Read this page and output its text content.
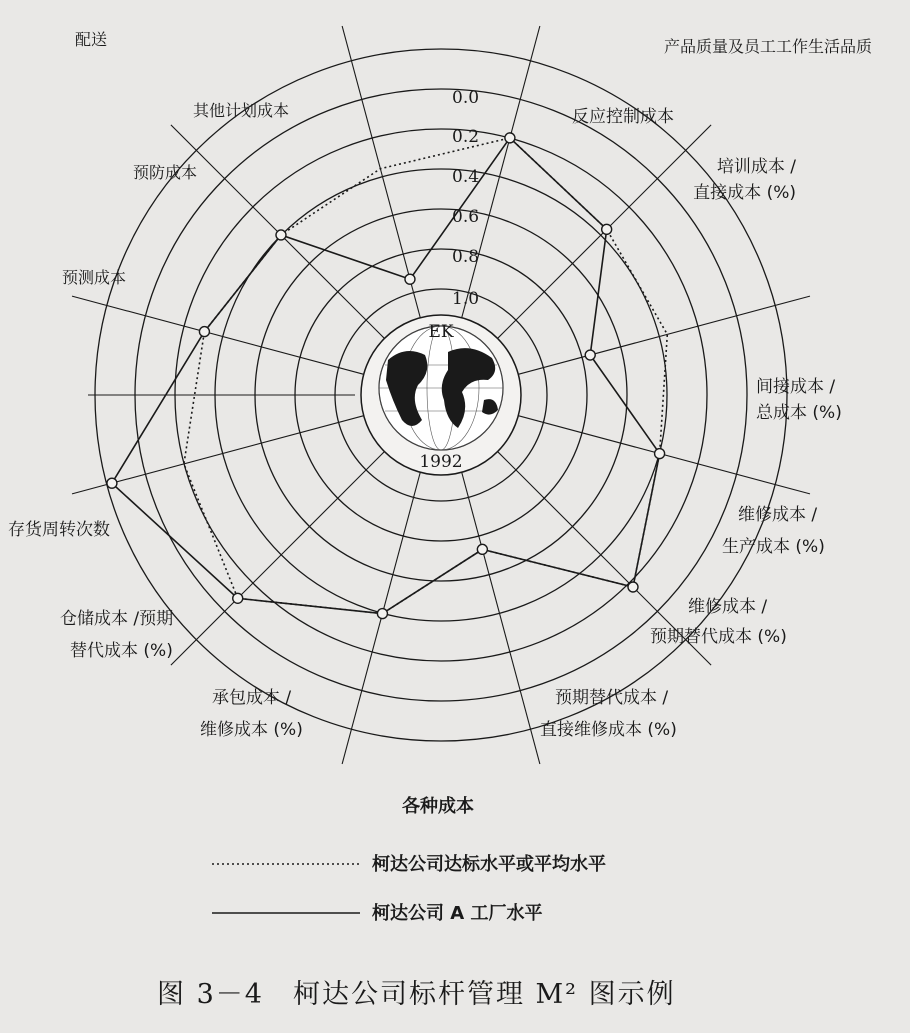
EK
1992
0.0
0.2
0.4
0.6
0.8
1.0
配送	产品质量及员工工作生活品质
反应控制成本
培训成本 /直接成本 (%)
间接成本 /总成本 (%)
维修成本 /生产成本 (%)
维修成本 /预期替代成本 (%)
预期替代成本 /直接维修成本 (%)
承包成本 /维修成本 (%)
仓储成本 /预期替代成本 (%)
存货周转次数
预测成本
预防成本
其他计划成本
各种成本
柯达公司达标水平或平均水平
柯达公司 A 工厂水平
图 3－4　柯达公司标杆管理 M² 图示例
